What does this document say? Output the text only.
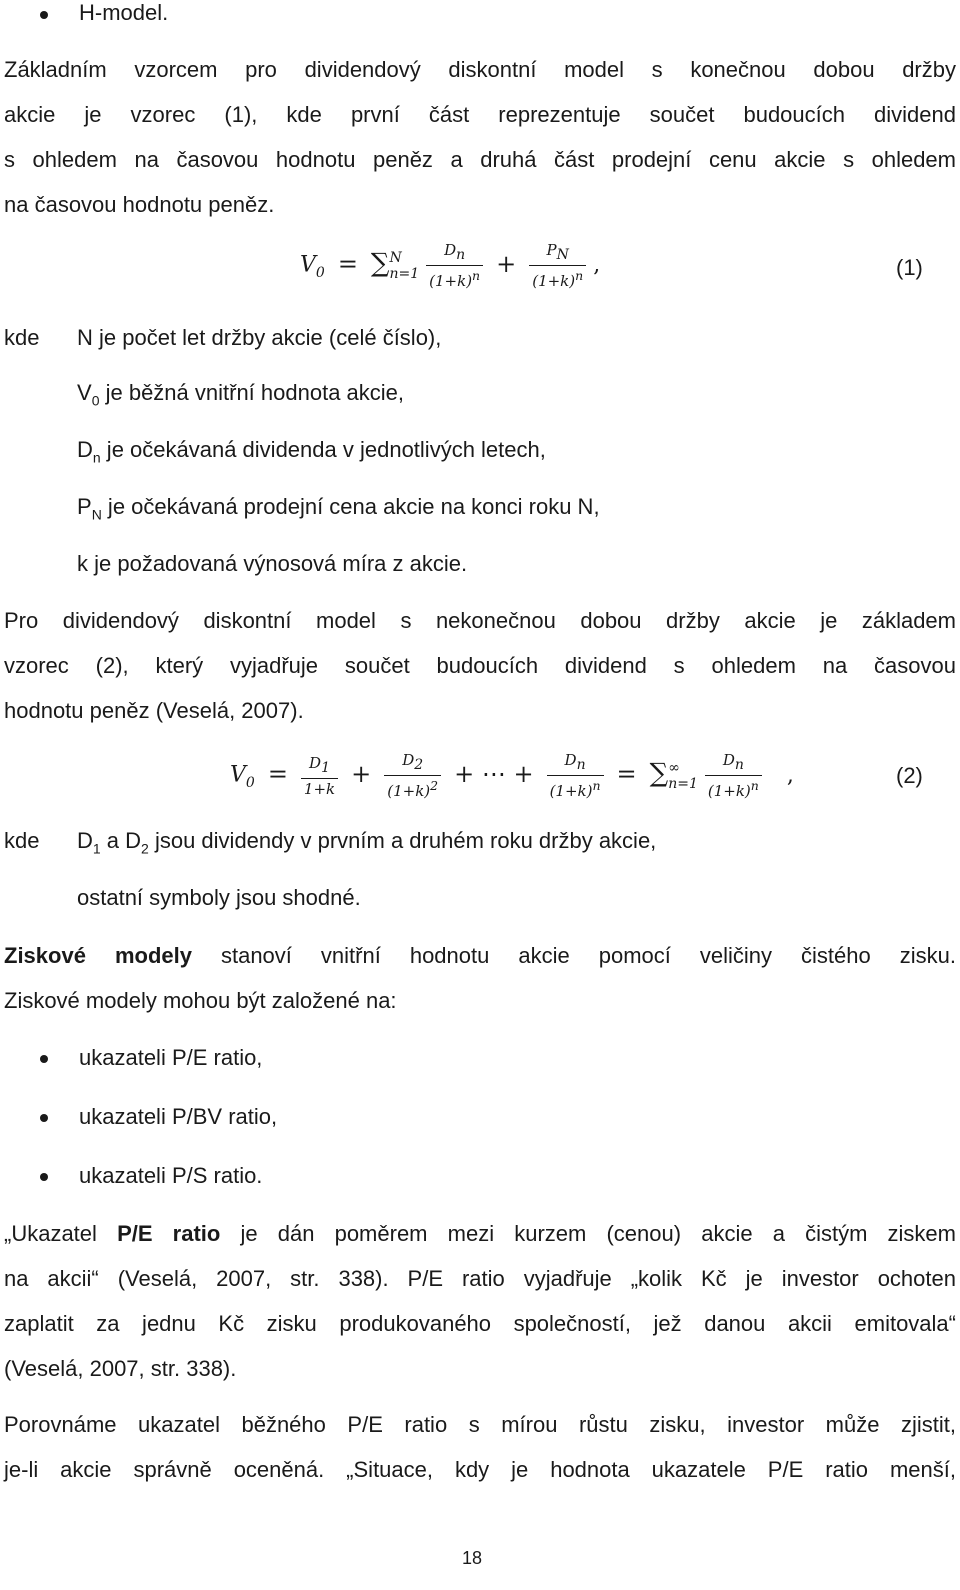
H-model.
Základním vzorcem pro dividendový diskontní model s konečnou dobou držby
akcie je vzorec (1), kde první část reprezentuje součet budoucích dividend
s ohledem na časovou hodnotu peněz a druhá část prodejní cenu akcie s ohledem
na časovou hodnotu peněz.
$V_0$ = ∑ N
n=1
$\frac{D_n}{(1+k)^n} + \frac{P_N}{(1+k)^n}$ ,	(1)
kde N je počet let držby akcie (celé číslo),
$V_0$ je běžná vnitřní hodnota akcie,
$D_n$ je očekávaná dividenda v jednotlivých letech,
$P_N$ je očekávaná prodejní cena akcie na konci roku N,
k je požadovaná výnosová míra z akcie.
Pro dividendový diskontní model s nekonečnou dobou držby akcie je základem
vzorec (2), který vyjadřuje součet budoucích dividend s ohledem na časovou
hodnotu peněz (Veselá, 2007).
$V_0 = \frac{D_1}{1+k} + \frac{D_2}{(1+k)^2}$ + ⋯ + $\frac{D_n}{(1+k)^n}$ = ∑ ∞
n=1
$\frac{D_n}{(1+k)^n}$ ,	(2)
kde $D_1$ a $D_2$ jsou dividendy v prvním a druhém roku držby akcie,
ostatní symboly jsou shodné.
Ziskové modely stanoví vnitřní hodnotu akcie pomocí veličiny čistého zisku.
Ziskové modely mohou být založené na:
ukazateli P/E ratio,
ukazateli P/BV ratio,
ukazateli P/S ratio.
„Ukazatel P/E ratio je dán poměrem mezi kurzem (cenou) akcie a čistým ziskem
na akcii“ (Veselá, 2007, str. 338). P/E ratio vyjadřuje „kolik Kč je investor ochoten
zaplatit za jednu Kč zisku produkovaného společností, jež danou akcii emitovala“
(Veselá, 2007, str. 338).
Porovnáme ukazatel běžného P/E ratio s mírou růstu zisku, investor může zjistit,
je-li akcie správně oceněná. „Situace, kdy je hodnota ukazatele P/E ratio menší,
18
